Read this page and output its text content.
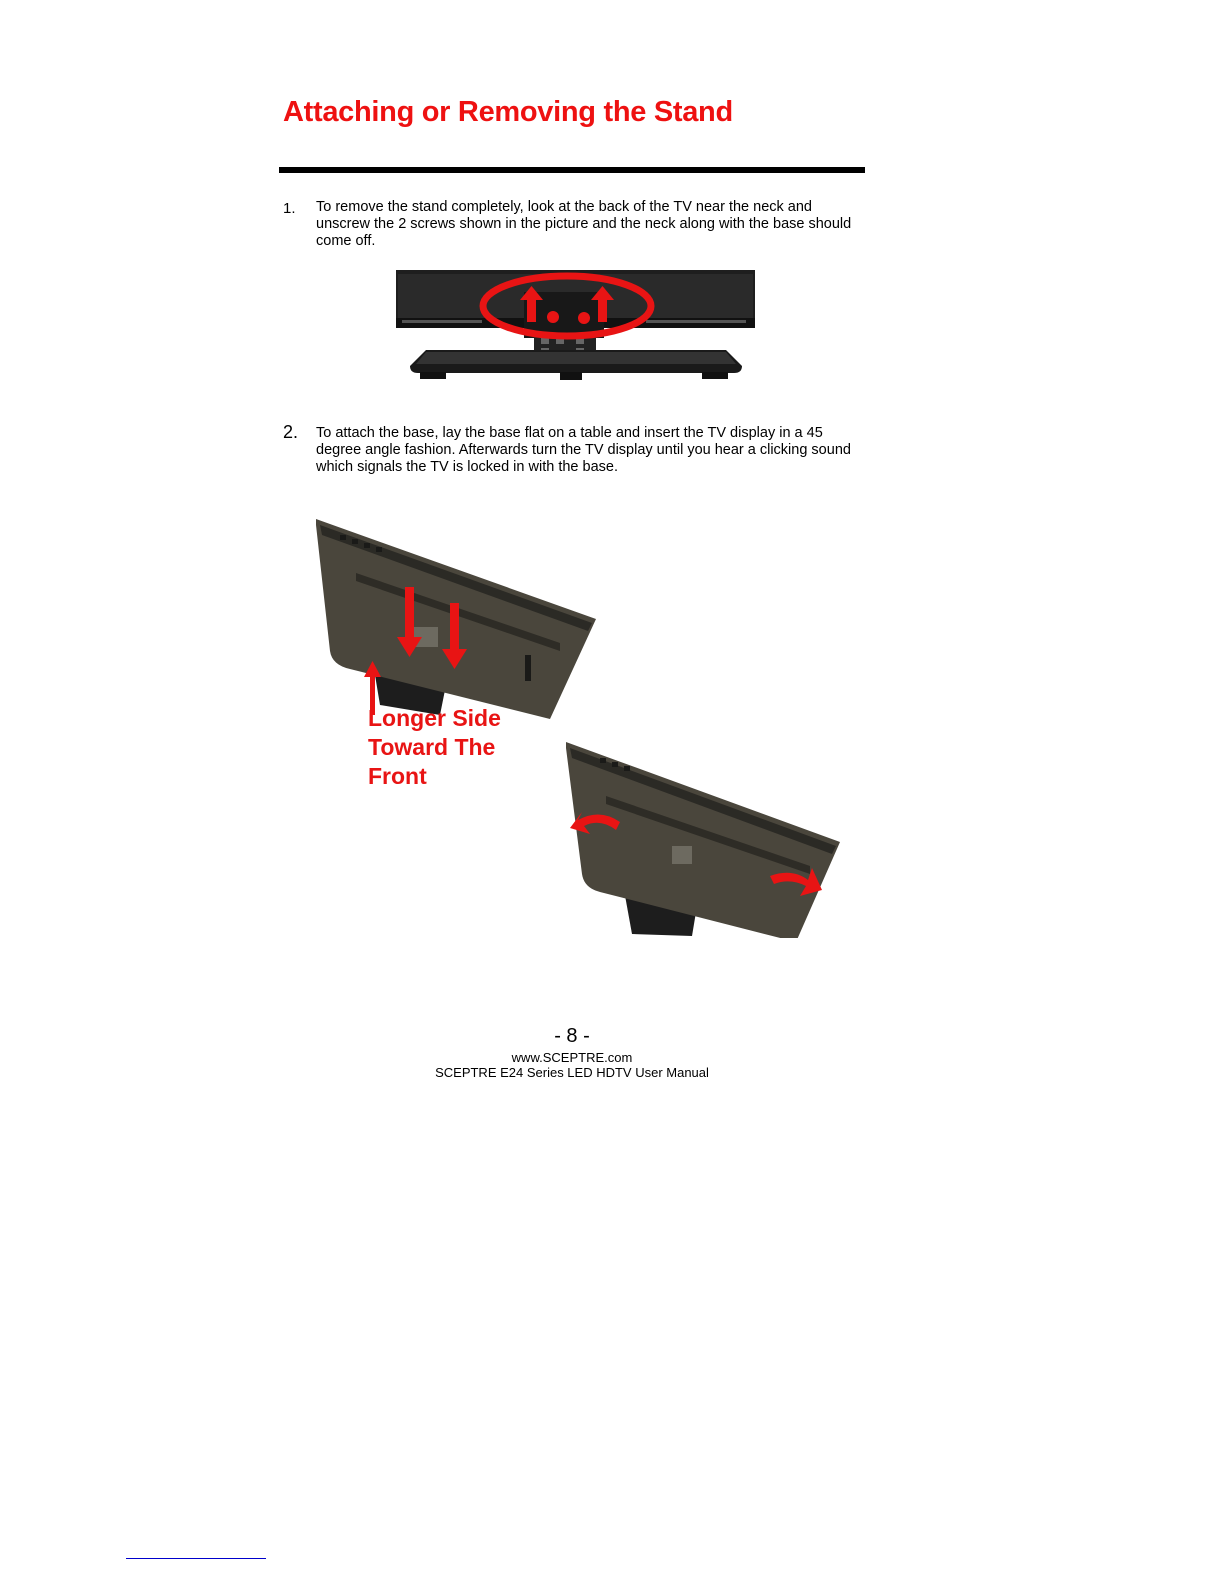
Attaching or Removing the Stand
1. To remove the stand completely, look at the back of the TV near the neck and unscrew the 2 screws shown in the picture and the neck along with the base should come off.

2. To attach the base, lay the base flat on a table and insert the TV display in a 45 degree angle fashion. Afterwards turn the TV display until you hear a clicking sound which signals the TV is locked in with the base.

Longer Side
Toward The
Front
- 8 -
www.SCEPTRE.com
SCEPTRE E24 Series LED HDTV User Manual
